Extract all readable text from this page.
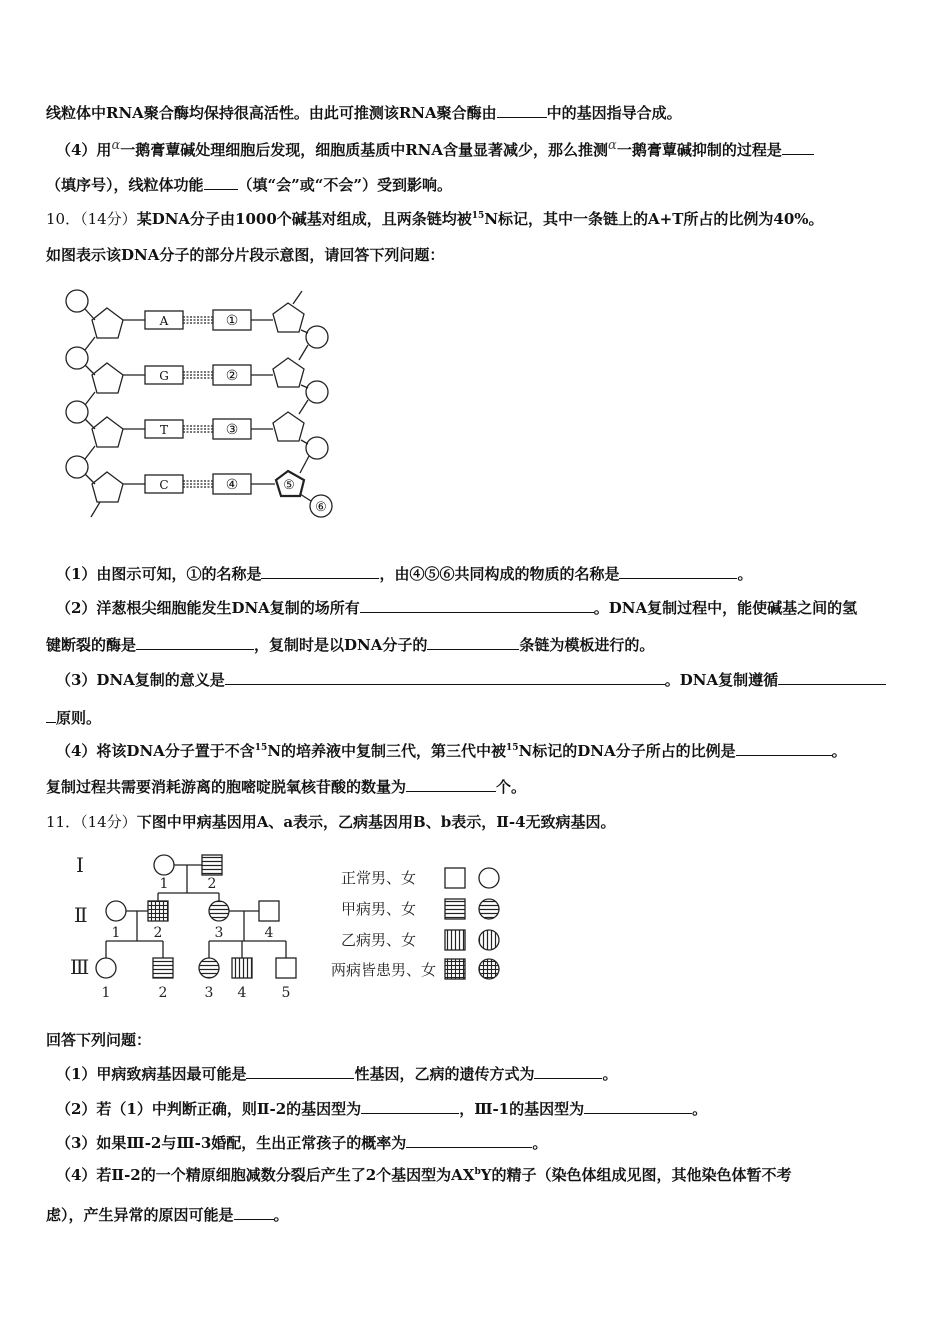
线粒体中RNA聚合酶均保持很高活性。由此可推测该RNA聚合酶由	中的基因指导合成。
（4）用α一鹅膏蕈碱处理细胞后发现，细胞质基质中RNA含量显著减少，那么推测α一鹅膏蕈碱抑制的过程是
（填序号），线粒体功能 （填“会”或“不会”）受到影响。
10．（14分）某DNA分子由1000个碱基对组成，且两条链均被$^{15}$N标记，其中一条链上的A+T所占的比例为40%。
如图表示该DNA分子的部分片段示意图，请回答下列问题：
A
G
T
C
①
②
③
④	⑤
⑥
（1）由图示可知，①的名称是	，由④⑤⑥共同构成的物质的名称是	。
（2）洋葱根尖细胞能发生DNA复制的场所有	。DNA复制过程中，能使碱基之间的氢
键断裂的酶是	，复制时是以DNA分子的	条链为模板进行的。
（3）DNA复制的意义是	。DNA复制遵循
原则。
（4）将该DNA分子置于不含$^{15}$N的培养液中复制三代，第三代中被$^{15}$N标记的DNA分子所占的比例是	。
复制过程共需要消耗游离的胞嘧啶脱氧核苷酸的数量为	个。
11．（14分）下图中甲病基因用A、a表示，乙病基因用B、b表示，Ⅱ-4无致病基因。
Ⅰ
Ⅱ
Ⅲ
1	2
1 2	3	4
1	2	3 4	5
正常男、女
甲病男、女
乙病男、女
两病皆患男、女
回答下列问题：
（1）甲病致病基因最可能是	性基因，乙病的遗传方式为	。
（2）若（1）中判断正确，则Ⅱ-2的基因型为	，Ⅲ-1的基因型为	。
（3）如果Ⅲ-2与Ⅲ-3婚配，生出正常孩子的概率为	。
（4）若Ⅱ-2的一个精原细胞减数分裂后产生了2个基因型为$AX^bY$的精子（染色体组成见图，其他染色体暂不考
虑），产生异常的原因可能是	。
